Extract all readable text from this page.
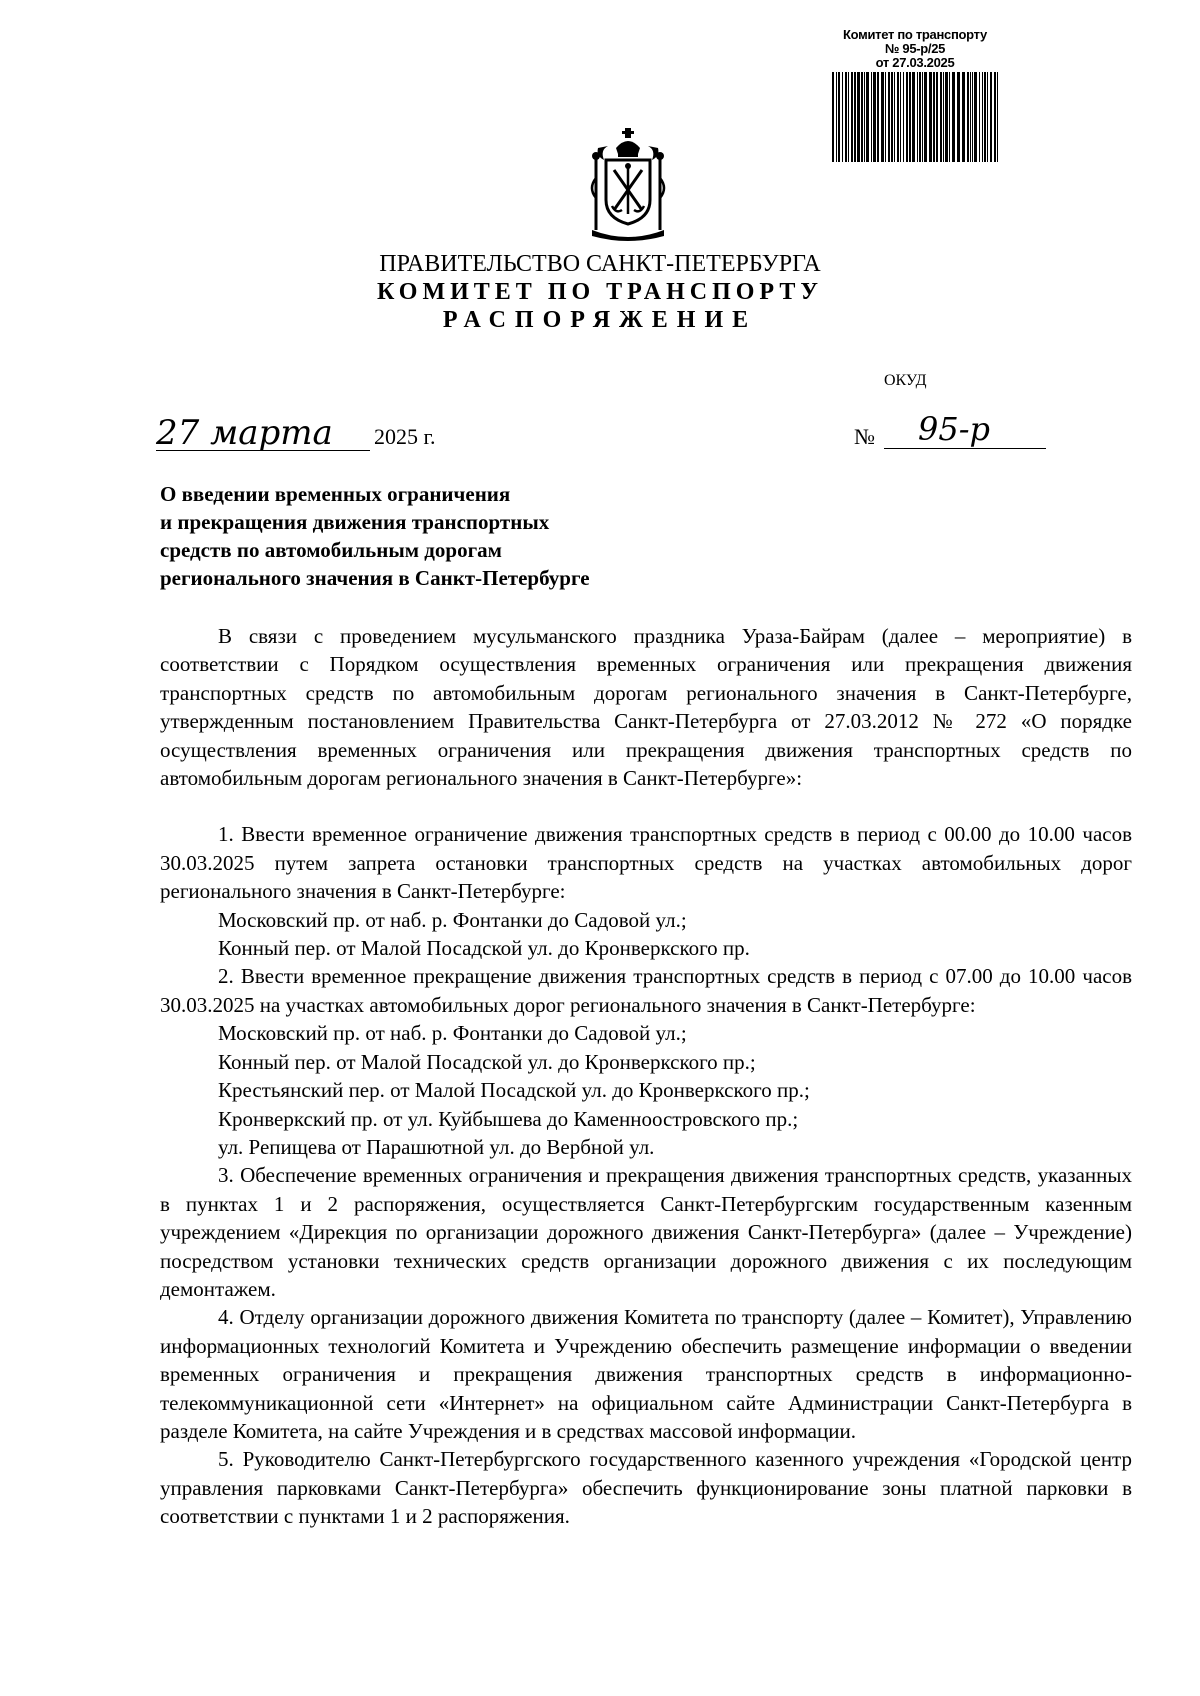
Комитет по транспорту
№ 95-р/25
от 27.03.2025
ПРАВИТЕЛЬСТВО САНКТ-ПЕТЕРБУРГА
КОМИТЕТ ПО ТРАНСПОРТУ
РАСПОРЯЖЕНИЕ
ОКУД
27 марта 2025 г.	№ 95-р
О введении временных ограничения
и прекращения движения транспортных
средств по автомобильным дорогам
регионального значения в Санкт-Петербурге

В связи с проведением мусульманского праздника Ураза-Байрам (далее – мероприятие) в соответствии с Порядком осуществления временных ограничения или прекращения движения транспортных средств по автомобильным дорогам регионального значения в Санкт-Петербурге, утвержденным постановлением Правительства Санкт-Петербурга от 27.03.2012 № 272 «О порядке осуществления временных ограничения или прекращения движения транспортных средств по автомобильным дорогам регионального значения в Санкт-Петербурге»:

1. Ввести временное ограничение движения транспортных средств в период с 00.00 до 10.00 часов 30.03.2025 путем запрета остановки транспортных средств на участках автомобильных дорог регионального значения в Санкт-Петербурге:

Московский пр. от наб. р. Фонтанки до Садовой ул.;

Конный пер. от Малой Посадской ул. до Кронверкского пр.

2. Ввести временное прекращение движения транспортных средств в период с 07.00 до 10.00 часов 30.03.2025 на участках автомобильных дорог регионального значения в Санкт-Петербурге:

Московский пр. от наб. р. Фонтанки до Садовой ул.;

Конный пер. от Малой Посадской ул. до Кронверкского пр.;

Крестьянский пер. от Малой Посадской ул. до Кронверкского пр.;

Кронверкский пр. от ул. Куйбышева до Каменноостровского пр.;

ул. Репищева от Парашютной ул. до Вербной ул.

3. Обеспечение временных ограничения и прекращения движения транспортных средств, указанных в пунктах 1 и 2 распоряжения, осуществляется Санкт-Петербургским государственным казенным учреждением «Дирекция по организации дорожного движения Санкт-Петербурга» (далее – Учреждение) посредством установки технических средств организации дорожного движения с их последующим демонтажем.

4. Отделу организации дорожного движения Комитета по транспорту (далее – Комитет), Управлению информационных технологий Комитета и Учреждению обеспечить размещение информации о введении временных ограничения и прекращения движения транспортных средств в информационно-телекоммуникационной сети «Интернет» на официальном сайте Администрации Санкт-Петербурга в разделе Комитета, на сайте Учреждения и в средствах массовой информации.

5. Руководителю Санкт-Петербургского государственного казенного учреждения «Городской центр управления парковками Санкт-Петербурга» обеспечить функционирование зоны платной парковки в соответствии с пунктами 1 и 2 распоряжения.
